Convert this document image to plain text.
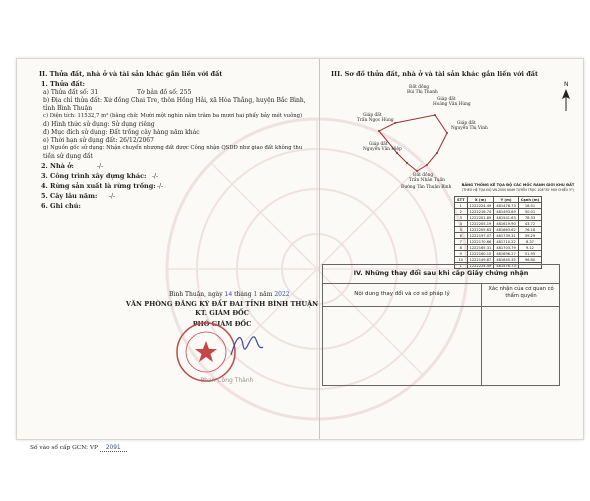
II. Thửa đất, nhà ở và tài sản khác gắn liền với đất
1. Thửa đất:
a) Thửa đất số: 31	Tờ bản đồ số: 255
b) Địa chỉ thửa đất: Xứ đồng Chai Tre, thôn Hồng Hải, xã Hòa Thắng, huyện Bắc Bình,
tỉnh Bình Thuận
c) Diện tích: 11532,7 m² (bằng chữ: Mười một nghìn năm trăm ba mươi hai phẩy bảy mét vuông)
d) Hình thức sử dụng: Sử dụng riêng
đ) Mục đích sử dụng: Đất trồng cây hàng năm khác
e) Thời hạn sử dụng đất: 26/12/2067
g) Nguồn gốc sử dụng: Nhận chuyển nhượng đất được Công nhận QSDĐ như giao đất không thu
tiền sử dụng đất
2. Nhà ở:	-/-
3. Công trình xây dựng khác: -/-
4. Rừng sản xuất là rừng trồng: -/-
5. Cây lâu năm: -/-
6. Ghi chú:
Bình Thuận, ngày 14 tháng 1 năm 2022
VĂN PHÒNG ĐĂNG KÝ ĐẤT ĐAI TỈNH BÌNH THUẬN
KT. GIÁM ĐỐC
PHÓ GIÁM ĐỐC
Phan Công Thành
III. Sơ đồ thửa đất, nhà ở và tài sản khác gắn liền với đất
Đất đồng
Bùi Thị Thanh
Giáp đất
Hoàng Văn Hùng
Giáp đất
Trần Ngọc Hùng
Giáp đất
Nguyễn Thị Vinh
Giáp đất
Nguyễn Văn Hiệp
Đất đồng
Trần Nhân Tuấn
Đường Tân Thuận Bình
N
BẢNG THỐNG KÊ TỌA ĐỘ CÁC MỐC RANH GIỚI KHU ĐẤT
(THEO HỆ TỌA ĐỘ VN-2000 KINH TUYẾN TRỤC 108°30' MÚI CHIẾU 3°)
STT	X (m)	Y (m)	Cạnh (m)
1	1222224.49	481476.73	18.51
2	1222216.74	481493.89	50.01
3	1222201.85	481541.63	78.33
4	1222205.19	481619.90	43.72
5	1222205.63	481663.62	76.18
6	1222197.07	481739.31	39.29
7	1222170.66	481710.22	8.37
8	1222165.31	481703.79	9.12
9	1222160.15	481696.27	51.95
10	1222149.87	481645.35	96.80
1	1222224.49	481476.73	
IV. Những thay đổi sau khi cấp Giấy chứng nhận
Nội dung thay đổi và cơ sở pháp lý
Xác nhận của cơ quan có thẩm quyền
Số vào sổ cấp GCN: VP 2091
